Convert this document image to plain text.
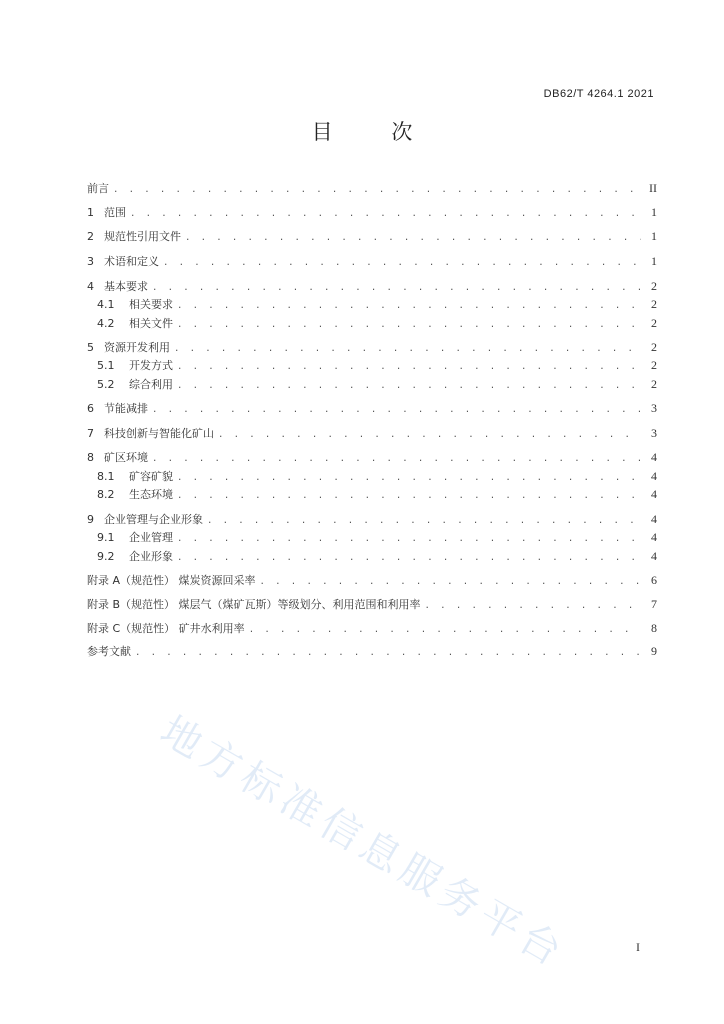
DB62/T 4264.1 2021
目 次
前言 . . .	II
1 范围 . . .	1
2 规范性引用文件 . . .	1
3 术语和定义 . . .	1
4 基本要求 . . .	2
4.1	相关要求 . . .	2
4.2	相关文件 . . .	2
5 资源开发利用 . . .	2
5.1	开发方式 . . .	2
5.2	综合利用 . . .	2
6 节能减排 . . .	3
7 科技创新与智能化矿山 . . .	3
8 矿区环境 . . .	4
8.1	矿容矿貌 . . .	4
8.2	生态环境 . . .	4
9 企业管理与企业形象 . . .	4
9.1	企业管理 . . .	4
9.2	企业形象 . . .	4
附录 A（规范性） 煤炭资源回采率 . . .	6
附录 B（规范性） 煤层气（煤矿瓦斯）等级划分、利用范围和利用率 . . .	7
附录 C（规范性） 矿井水利用率 . . .	8
参考文献 . . .	9
地方标准信息服务平台	I
